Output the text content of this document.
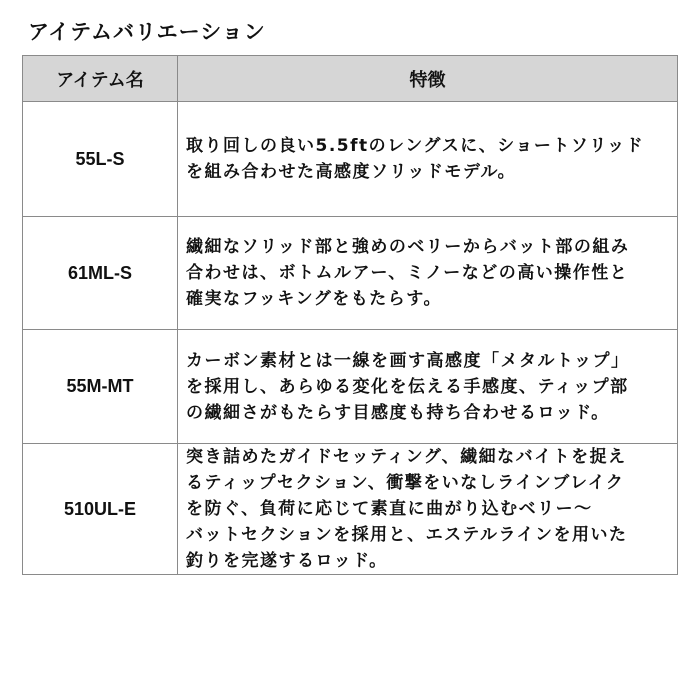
アイテムバリエーション
アイテム名	特徴
55L-S	取り回しの良い5.5ftのレングスに、ショートソリッド
を組み合わせた高感度ソリッドモデル。

61ML-S	繊細なソリッド部と強めのベリーからバット部の組み
合わせは、ボトムルアー、ミノーなどの高い操作性と
確実なフッキングをもたらす。

55M-MT	カーボン素材とは一線を画す高感度「メタルトップ」
を採用し、あらゆる変化を伝える手感度、ティップ部
の繊細さがもたらす目感度も持ち合わせるロッド。

510UL-E	突き詰めたガイドセッティング、繊細なバイトを捉え
るティップセクション、衝撃をいなしラインブレイク
を防ぐ、負荷に応じて素直に曲がり込むベリー〜
バットセクションを採用と、エステルラインを用いた
釣りを完遂するロッド。
